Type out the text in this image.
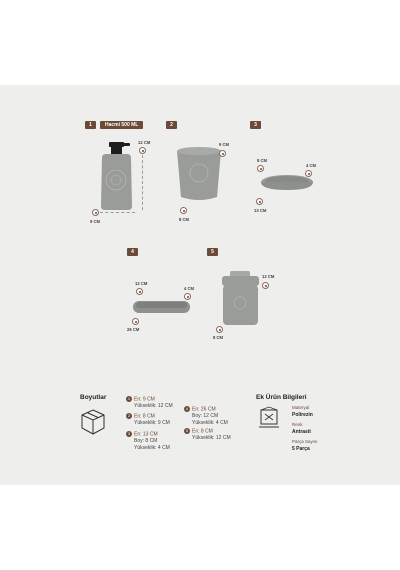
1	Hacmi 500 ML
12 CM
9 CM
2
9 CM
8 CM
3
8 CM
4 CM
13 CM
4
12 CM
4 CM
26 CM
5
12 CM
8 CM
Boyutlar	1 En: 9 CM
Yükseklik: 12 CM
2 En: 8 CM
Yükseklik: 9 CM
3 En: 13 CM
Boy: 8 CM
Yükseklik: 4 CM
4 En: 26 CM
Boy: 12 CM
Yükseklik: 4 CM
5 En: 8 CM
Yükseklik: 12 CM
Ek Ürün Bilgileri
Materyal
Polirezin
Renk
Antrasit
Parça Sayısı
5 Parça
